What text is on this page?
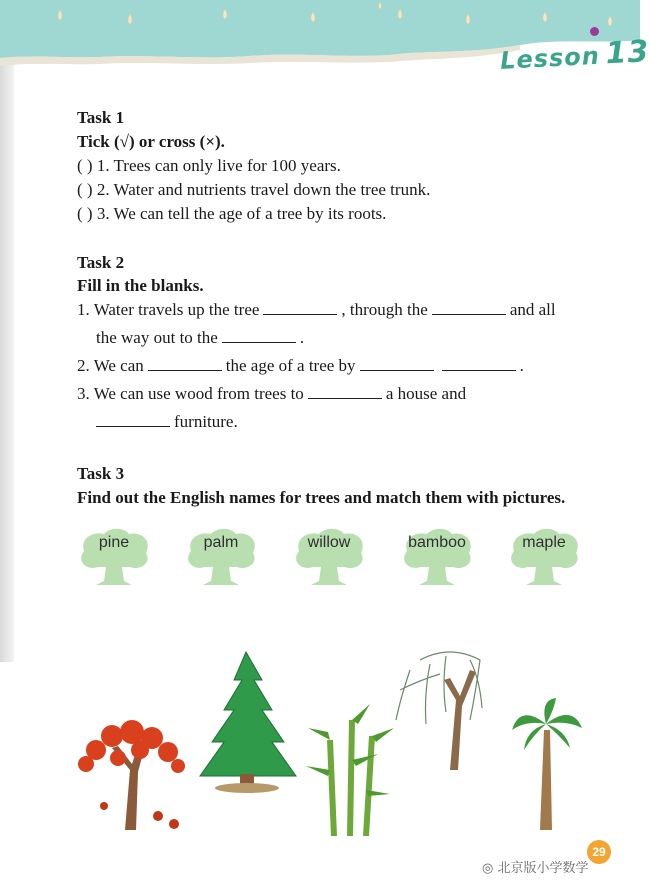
Lesson 13
Task 1
Tick (√) or cross (×).
( ) 1. Trees can only live for 100 years.
( ) 2. Water and nutrients travel down the tree trunk.
( ) 3. We can tell the age of a tree by its roots.
Task 2
Fill in the blanks.
1. Water travels up the tree	, through the	and all
the way out to the	.
2. We can	the age of a tree by	.
3. We can use wood from trees to	a house and
furniture.
Task 3
Find out the English names for trees and match them with pictures.
pine	palm	willow	bamboo	maple
29
◎ 北京版小学数学
